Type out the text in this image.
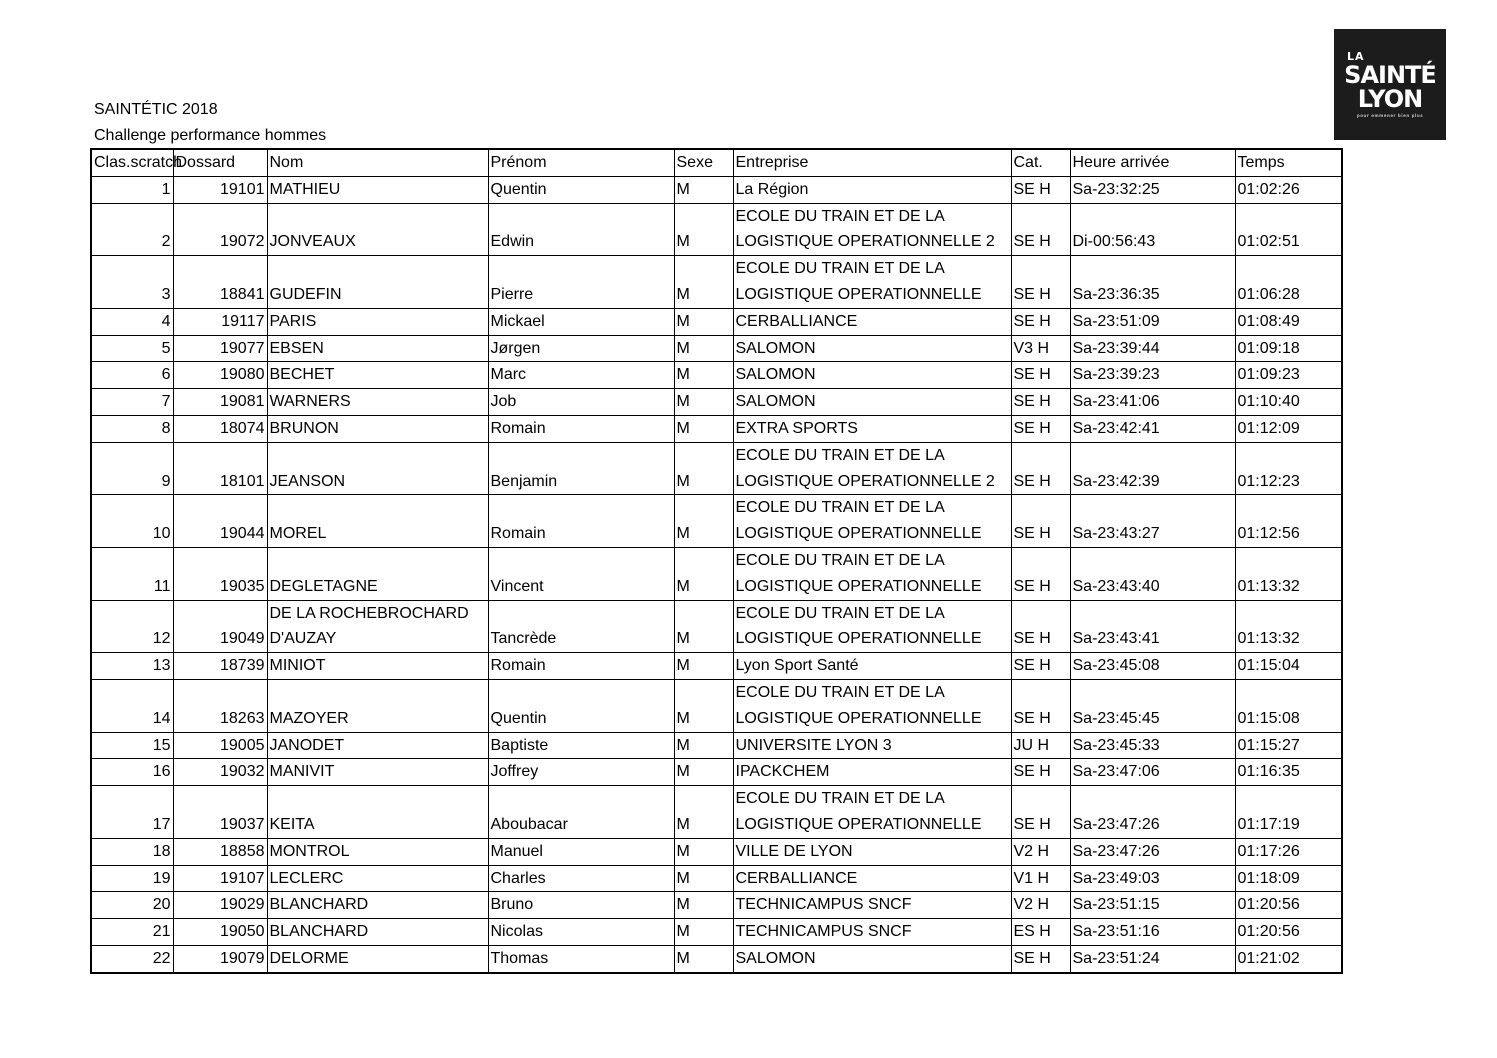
LA
SAINTÉ
LYON
pour emmener bien plus
SAINTÉTIC 2018
Challenge performance hommes
Clas.scratch	Dossard	Nom	Prénom	Sexe	Entreprise	Cat.	Heure arrivée	Temps
1	19101	MATHIEU	Quentin	M	La Région	SE H	Sa-23:32:25	01:02:26
2	19072	JONVEAUX	Edwin	M	ECOLE DU TRAIN ET DE LA
LOGISTIQUE OPERATIONNELLE 2	SE H	Di-00:56:43	01:02:51
3	18841	GUDEFIN	Pierre	M	ECOLE DU TRAIN ET DE LA
LOGISTIQUE OPERATIONNELLE	SE H	Sa-23:36:35	01:06:28
4	19117	PARIS	Mickael	M	CERBALLIANCE	SE H	Sa-23:51:09	01:08:49
5	19077	EBSEN	Jørgen	M	SALOMON	V3 H	Sa-23:39:44	01:09:18
6	19080	BECHET	Marc	M	SALOMON	SE H	Sa-23:39:23	01:09:23
7	19081	WARNERS	Job	M	SALOMON	SE H	Sa-23:41:06	01:10:40
8	18074	BRUNON	Romain	M	EXTRA SPORTS	SE H	Sa-23:42:41	01:12:09
9	18101	JEANSON	Benjamin	M	ECOLE DU TRAIN ET DE LA
LOGISTIQUE OPERATIONNELLE 2	SE H	Sa-23:42:39	01:12:23
10	19044	MOREL	Romain	M	ECOLE DU TRAIN ET DE LA
LOGISTIQUE OPERATIONNELLE	SE H	Sa-23:43:27	01:12:56
11	19035	DEGLETAGNE	Vincent	M	ECOLE DU TRAIN ET DE LA
LOGISTIQUE OPERATIONNELLE	SE H	Sa-23:43:40	01:13:32
12	19049	DE LA ROCHEBROCHARD
D'AUZAY	Tancrède	M	ECOLE DU TRAIN ET DE LA
LOGISTIQUE OPERATIONNELLE	SE H	Sa-23:43:41	01:13:32
13	18739	MINIOT	Romain	M	Lyon Sport Santé	SE H	Sa-23:45:08	01:15:04
14	18263	MAZOYER	Quentin	M	ECOLE DU TRAIN ET DE LA
LOGISTIQUE OPERATIONNELLE	SE H	Sa-23:45:45	01:15:08
15	19005	JANODET	Baptiste	M	UNIVERSITE LYON 3	JU H	Sa-23:45:33	01:15:27
16	19032	MANIVIT	Joffrey	M	IPACKCHEM	SE H	Sa-23:47:06	01:16:35
17	19037	KEITA	Aboubacar	M	ECOLE DU TRAIN ET DE LA
LOGISTIQUE OPERATIONNELLE	SE H	Sa-23:47:26	01:17:19
18	18858	MONTROL	Manuel	M	VILLE DE LYON	V2 H	Sa-23:47:26	01:17:26
19	19107	LECLERC	Charles	M	CERBALLIANCE	V1 H	Sa-23:49:03	01:18:09
20	19029	BLANCHARD	Bruno	M	TECHNICAMPUS SNCF	V2 H	Sa-23:51:15	01:20:56
21	19050	BLANCHARD	Nicolas	M	TECHNICAMPUS SNCF	ES H	Sa-23:51:16	01:20:56
22	19079	DELORME	Thomas	M	SALOMON	SE H	Sa-23:51:24	01:21:02
